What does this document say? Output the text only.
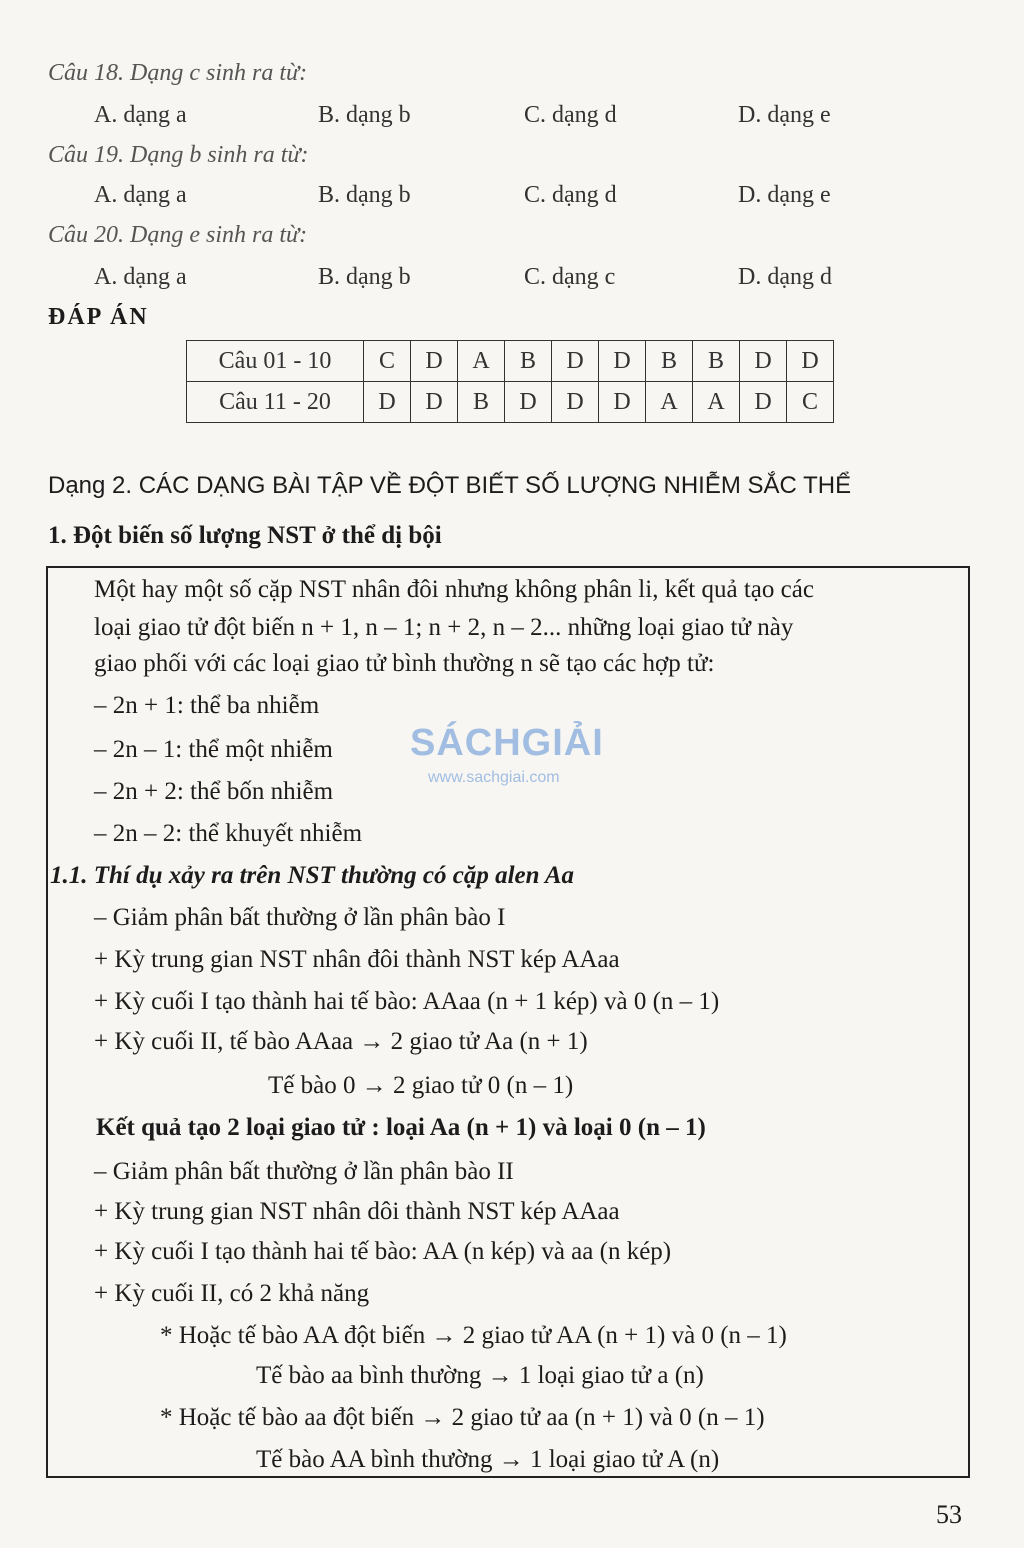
Câu 18. Dạng c sinh ra từ:
A. dạng a	B. dạng b	C. dạng d	D. dạng e
Câu 19. Dạng b sinh ra từ:
A. dạng a	B. dạng b	C. dạng d	D. dạng e
Câu 20. Dạng e sinh ra từ:
A. dạng a	B. dạng b	C. dạng c	D. dạng d
ĐÁP ÁN
Câu 01 - 10	C	D	A	B	D	D	B	B	D	D
Câu 11 - 20	D	D	B	D	D	D	A	A	D	C
Dạng 2. CÁC DẠNG BÀI TẬP VỀ ĐỘT BIẾT SỐ LƯỢNG NHIỄM SẮC THỂ
1. Đột biến số lượng NST ở thể dị bội
Một hay một số cặp NST nhân đôi nhưng không phân li, kết quả tạo các
loại giao tử đột biến n + 1, n – 1; n + 2, n – 2... những loại giao tử này
giao phối với các loại giao tử bình thường n sẽ tạo các hợp tử:
– 2n + 1: thể ba nhiễm
– 2n – 1: thể một nhiễm
– 2n + 2: thể bốn nhiễm
– 2n – 2: thể khuyết nhiễm
1.1. Thí dụ xảy ra trên NST thường có cặp alen Aa
– Giảm phân bất thường ở lần phân bào I
+ Kỳ trung gian NST nhân đôi thành NST kép AAaa
+ Kỳ cuối I tạo thành hai tế bào: AAaa (n + 1 kép) và 0 (n – 1)
+ Kỳ cuối II, tế bào AAaa → 2 giao tử Aa (n + 1)
Tế bào 0 → 2 giao tử 0 (n – 1)
Kết quả tạo 2 loại giao tử : loại Aa (n + 1) và loại 0 (n – 1)
– Giảm phân bất thường ở lần phân bào II
+ Kỳ trung gian NST nhân dôi thành NST kép AAaa
+ Kỳ cuối I tạo thành hai tế bào: AA (n kép) và aa (n kép)
+ Kỳ cuối II, có 2 khả năng
* Hoặc tế bào AA đột biến → 2 giao tử AA (n + 1) và 0 (n – 1)
Tế bào aa bình thường → 1 loại giao tử a (n)
* Hoặc tế bào aa đột biến → 2 giao tử aa (n + 1) và 0 (n – 1)
Tế bào AA bình thường → 1 loại giao tử A (n)
SÁCHGIẢI
www.sachgiai.com
53
